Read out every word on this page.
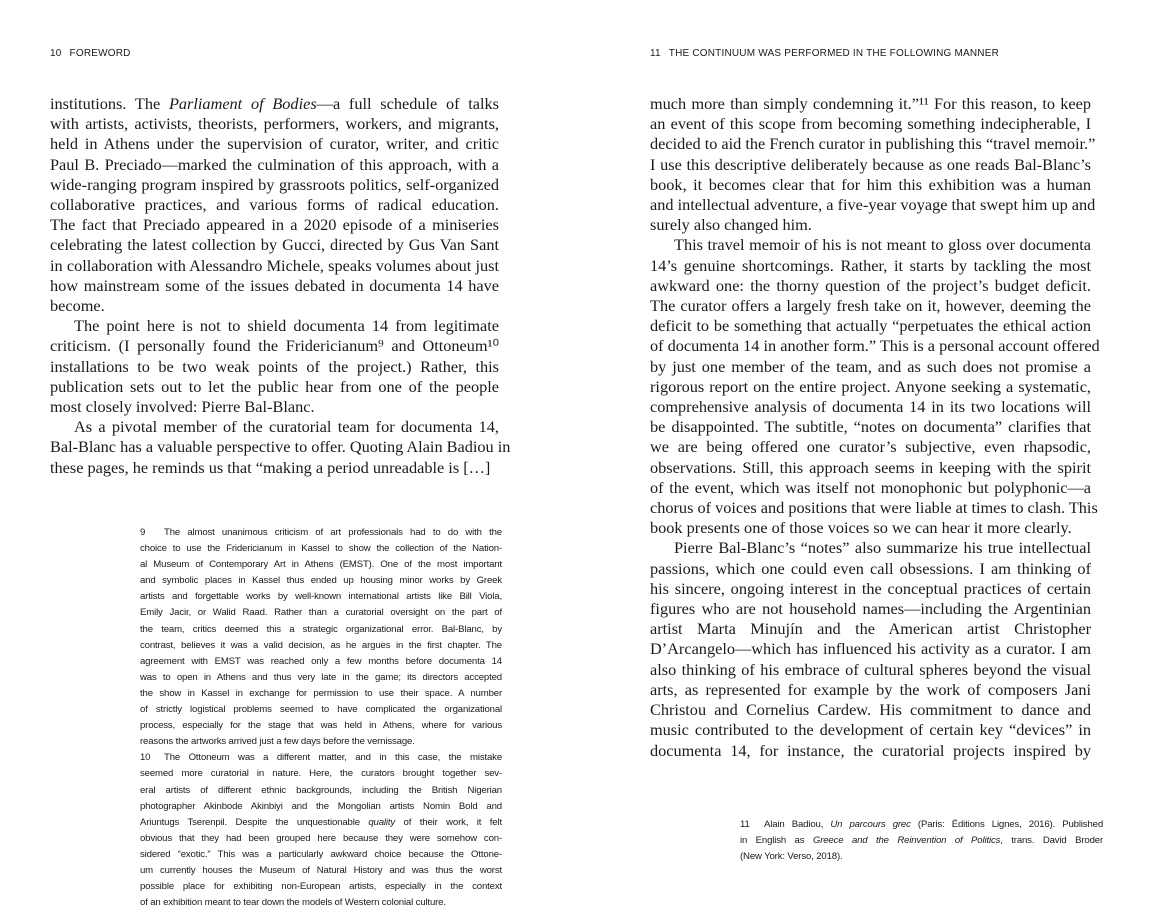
10 FOREWORD	11 THE CONTINUUM WAS PERFORMED IN THE FOLLOWING MANNER
institutions. The Parliament of Bodies—a full schedule of talks
with artists, activists, theorists, performers, workers, and migrants,
held in Athens under the supervision of curator, writer, and critic
Paul B. Preciado—marked the culmination of this approach, with a
wide-ranging program inspired by grassroots politics, self-organized
collaborative practices, and various forms of radical education.
The fact that Preciado appeared in a 2020 episode of a miniseries
celebrating the latest collection by Gucci, directed by Gus Van Sant
in collaboration with Alessandro Michele, speaks volumes about just
how mainstream some of the issues debated in documenta 14 have
become.
The point here is not to shield documenta 14 from legitimate
criticism. (I personally found the Fridericianum⁹ and Ottoneum¹⁰
installations to be two weak points of the project.) Rather, this
publication sets out to let the public hear from one of the people
most closely involved: Pierre Bal-Blanc.
As a pivotal member of the curatorial team for documenta 14,
Bal-Blanc has a valuable perspective to offer. Quoting Alain Badiou in
these pages, he reminds us that “making a period unreadable is […]
much more than simply condemning it.”¹¹ For this reason, to keep
an event of this scope from becoming something indecipherable, I
decided to aid the French curator in publishing this “travel memoir.”
I use this descriptive deliberately because as one reads Bal-Blanc’s
book, it becomes clear that for him this exhibition was a human
and intellectual adventure, a five-year voyage that swept him up and
surely also changed him.
This travel memoir of his is not meant to gloss over documenta
14’s genuine shortcomings. Rather, it starts by tackling the most
awkward one: the thorny question of the project’s budget deficit.
The curator offers a largely fresh take on it, however, deeming the
deficit to be something that actually “perpetuates the ethical action
of documenta 14 in another form.” This is a personal account offered
by just one member of the team, and as such does not promise a
rigorous report on the entire project. Anyone seeking a systematic,
comprehensive analysis of documenta 14 in its two locations will
be disappointed. The subtitle, “notes on documenta” clarifies that
we are being offered one curator’s subjective, even rhapsodic,
observations. Still, this approach seems in keeping with the spirit
of the event, which was itself not monophonic but polyphonic—a
chorus of voices and positions that were liable at times to clash. This
book presents one of those voices so we can hear it more clearly.
Pierre Bal-Blanc’s “notes” also summarize his true intellectual
passions, which one could even call obsessions. I am thinking of
his sincere, ongoing interest in the conceptual practices of certain
figures who are not household names—including the Argentinian
artist Marta Minujín and the American artist Christopher
D’Arcangelo—which has influenced his activity as a curator. I am
also thinking of his embrace of cultural spheres beyond the visual
arts, as represented for example by the work of composers Jani
Christou and Cornelius Cardew. His commitment to dance and
music contributed to the development of certain key “devices” in
documenta 14, for instance, the curatorial projects inspired by
9 The almost unanimous criticism of art professionals had to do with the
choice to use the Fridericianum in Kassel to show the collection of the Nation-
al Museum of Contemporary Art in Athens (EMST). One of the most important
and symbolic places in Kassel thus ended up housing minor works by Greek
artists and forgettable works by well-known international artists like Bill Viola,
Emily Jacir, or Walid Raad. Rather than a curatorial oversight on the part of
the team, critics deemed this a strategic organizational error. Bal-Blanc, by
contrast, believes it was a valid decision, as he argues in the first chapter. The
agreement with EMST was reached only a few months before documenta 14
was to open in Athens and thus very late in the game; its directors accepted
the show in Kassel in exchange for permission to use their space. A number
of strictly logistical problems seemed to have complicated the organizational
process, especially for the stage that was held in Athens, where for various
reasons the artworks arrived just a few days before the vernissage.
10 The Ottoneum was a different matter, and in this case, the mistake
seemed more curatorial in nature. Here, the curators brought together sev-
eral artists of different ethnic backgrounds, including the British Nigerian
photographer Akinbode Akinbiyi and the Mongolian artists Nomin Bold and
Ariuntugs Tserenpil. Despite the unquestionable quality of their work, it felt
obvious that they had been grouped here because they were somehow con-
sidered “exotic.” This was a particularly awkward choice because the Ottone-
um currently houses the Museum of Natural History and was thus the worst
possible place for exhibiting non-European artists, especially in the context
of an exhibition meant to tear down the models of Western colonial culture.
11 Alain Badiou, Un parcours grec (Paris: Éditions Lignes, 2016). Published
in English as Greece and the Reinvention of Politics, trans. David Broder
(New York: Verso, 2018).
